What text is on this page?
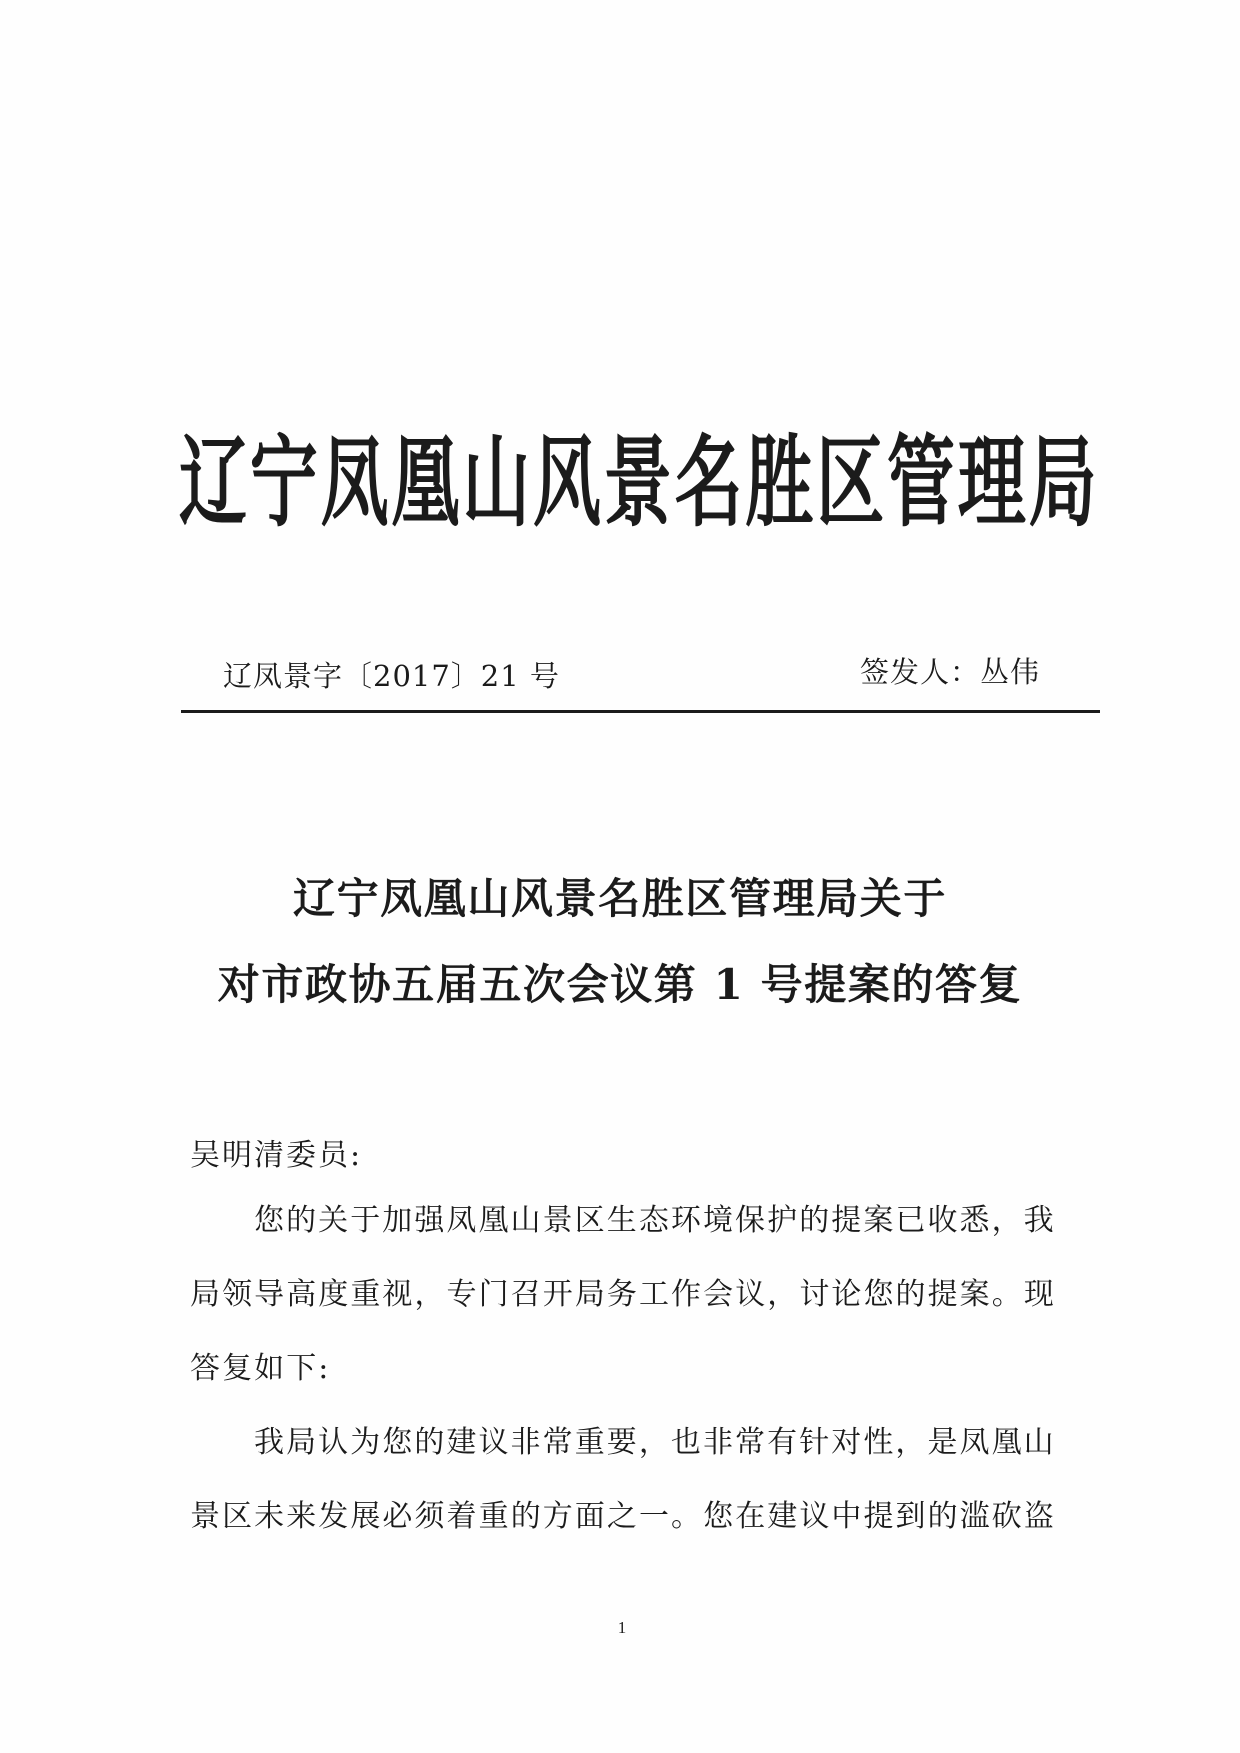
辽宁凤凰山风景名胜区管理局
辽凤景字〔2017〕21 号	签发人：丛伟
辽宁凤凰山风景名胜区管理局关于
对市政协五届五次会议第 1 号提案的答复
吴明清委员:
您的关于加强凤凰山景区生态环境保护的提案已收悉，我
局领导高度重视，专门召开局务工作会议，讨论您的提案。现
答复如下:
我局认为您的建议非常重要，也非常有针对性，是凤凰山
景区未来发展必须着重的方面之一。您在建议中提到的滥砍盗
1
